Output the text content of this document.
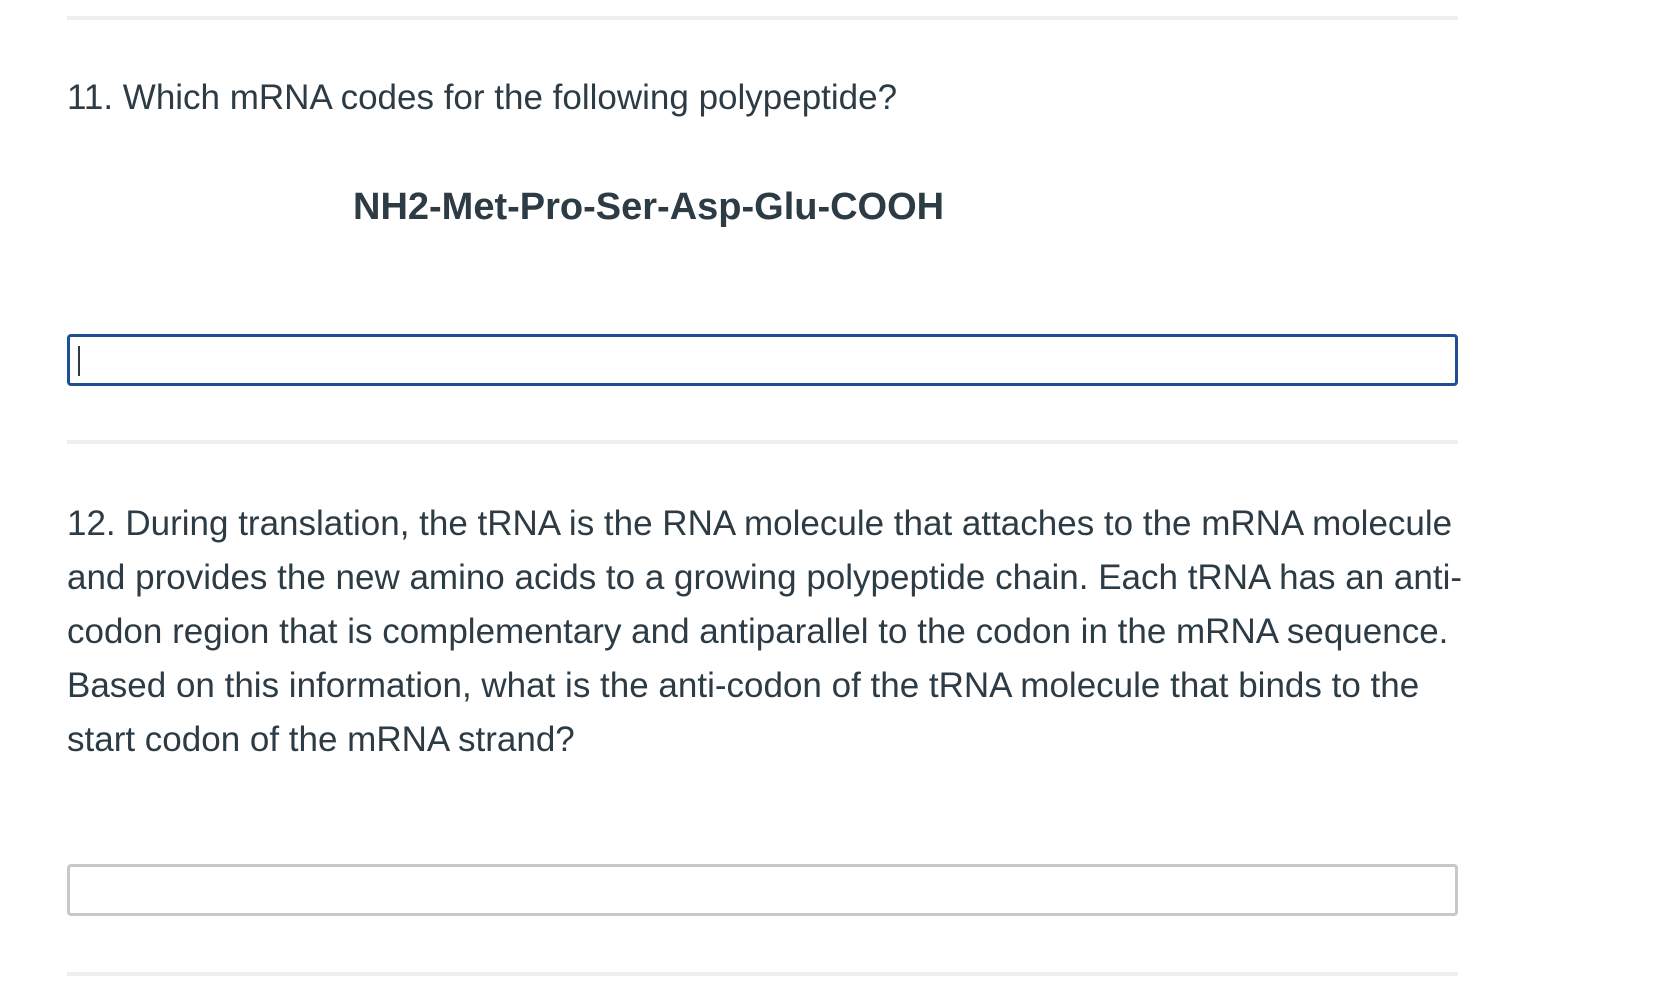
11. Which mRNA codes for the following polypeptide?

NH2-Met-Pro-Ser-Asp-Glu-COOH

12. During translation, the tRNA is the RNA molecule that attaches to the mRNA molecule and provides the new amino acids to a growing polypeptide chain. Each tRNA has an anti-codon region that is complementary and antiparallel to the codon in the mRNA sequence.

Based on this information, what is the anti-codon of the tRNA molecule that binds to the start codon of the mRNA strand?
